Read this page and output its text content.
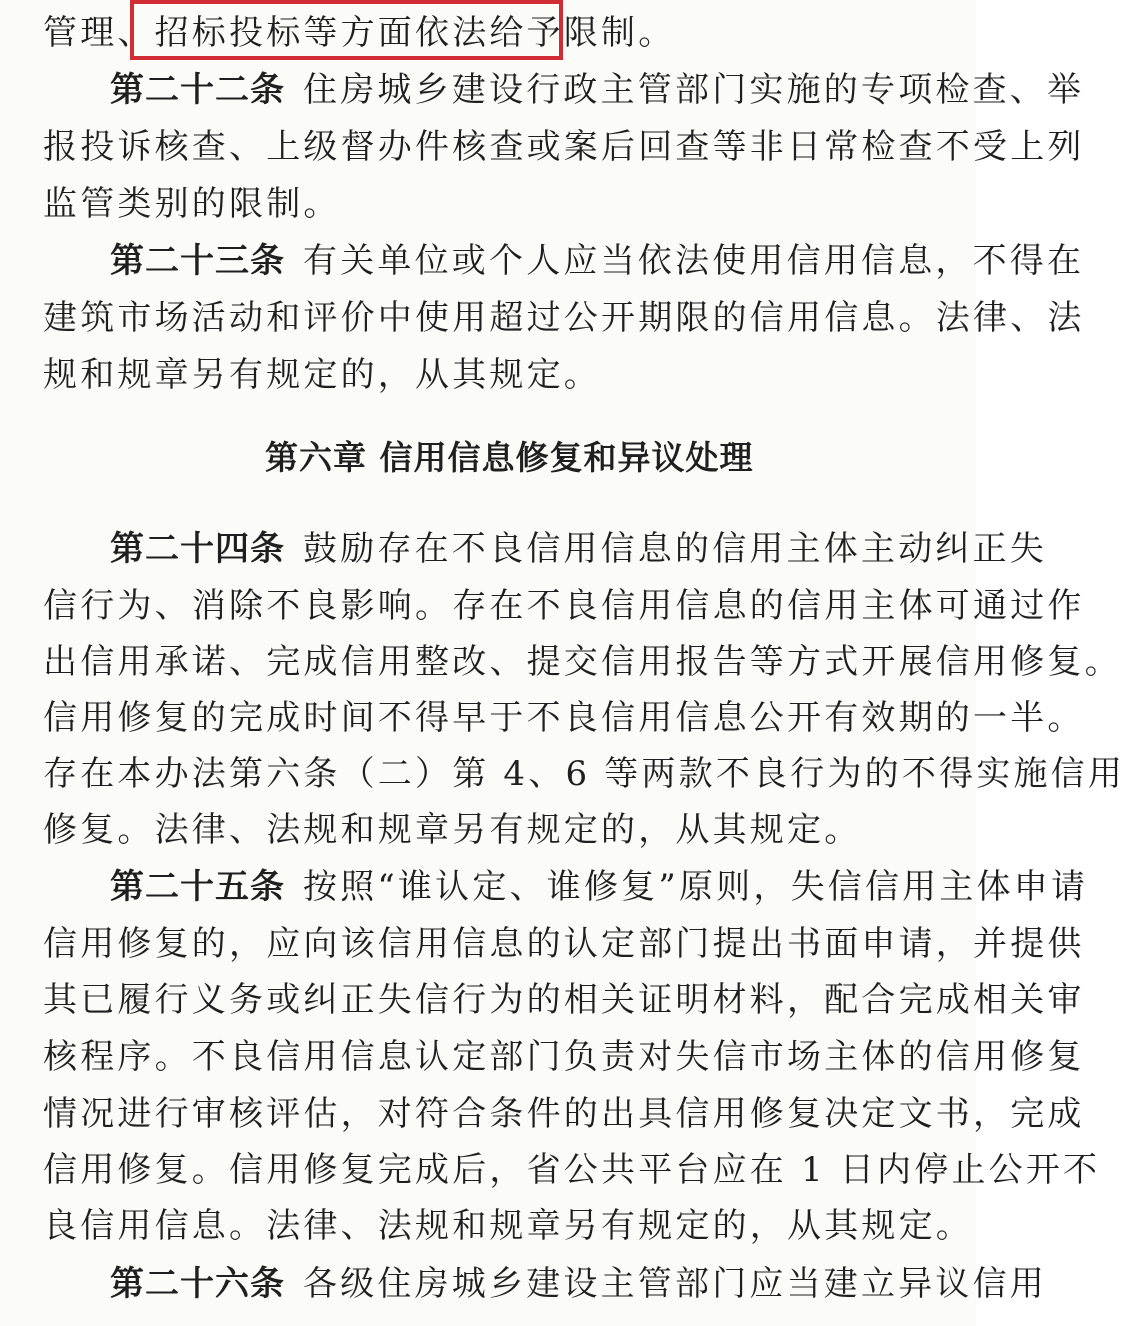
管理、招标投标等方面依法给予限制。
第二十二条 住房城乡建设行政主管部门实施的专项检查、举
报投诉核查、上级督办件核查或案后回查等非日常检查不受上列
监管类别的限制。
第二十三条 有关单位或个人应当依法使用信用信息，不得在
建筑市场活动和评价中使用超过公开期限的信用信息。法律、法
规和规章另有规定的，从其规定。
第六章 信用信息修复和异议处理
第二十四条 鼓励存在不良信用信息的信用主体主动纠正失
信行为、消除不良影响。存在不良信用信息的信用主体可通过作
出信用承诺、完成信用整改、提交信用报告等方式开展信用修复。
信用修复的完成时间不得早于不良信用信息公开有效期的一半。
存在本办法第六条（二）第 4、6 等两款不良行为的不得实施信用
修复。法律、法规和规章另有规定的，从其规定。
第二十五条 按照“谁认定、谁修复”原则，失信信用主体申请
信用修复的，应向该信用信息的认定部门提出书面申请，并提供
其已履行义务或纠正失信行为的相关证明材料，配合完成相关审
核程序。不良信用信息认定部门负责对失信市场主体的信用修复
情况进行审核评估，对符合条件的出具信用修复决定文书，完成
信用修复。信用修复完成后，省公共平台应在 1 日内停止公开不
良信用信息。法律、法规和规章另有规定的，从其规定。
第二十六条 各级住房城乡建设主管部门应当建立异议信用
